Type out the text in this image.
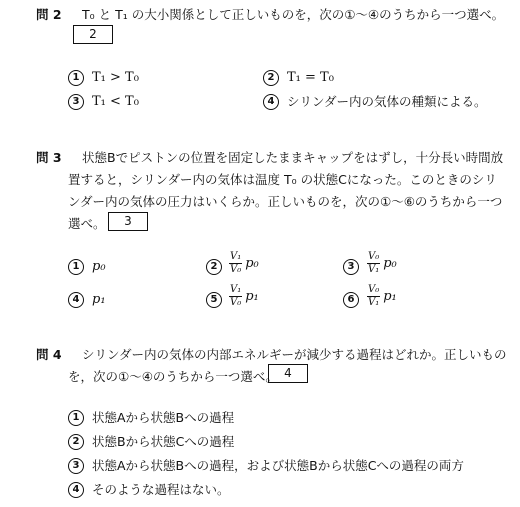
問 2 T₀ と T₁ の大小関係として正しいものを，次の①〜④のうちから一つ選べ。
2
1 T₁ > T₀	2 T₁ = T₀
3 T₁ < T₀	4	シリンダー内の気体の種類による。
問 3 状態Bでピストンの位置を固定したままキャップをはずし，十分長い時間放
置すると，シリンダー内の気体は温度 T₀ の状態Cになった。このときのシリ
ンダー内の気体の圧力はいくらか。正しいものを，次の①〜⑥のうちから一つ
選べ。	3
1 p₀	2	$\frac{\text{V₁}}{\text{V₀}} p_0$	3	$\frac{\text{V₀}}{\text{V₁}} p_0$
4 p₁	5	$\frac{\text{V₁}}{\text{V₀}} p_1$	6	$\frac{\text{V₀}}{\text{V₁}} p_1$
問 4 シリンダー内の気体の内部エネルギーが減少する過程はどれか。正しいもの
を，次の①〜④のうちから一つ選べ。 4
1	状態Aから状態Bへの過程
2	状態Bから状態Cへの過程
3	状態Aから状態Bへの過程，および状態Bから状態Cへの過程の両方
4	そのような過程はない。
